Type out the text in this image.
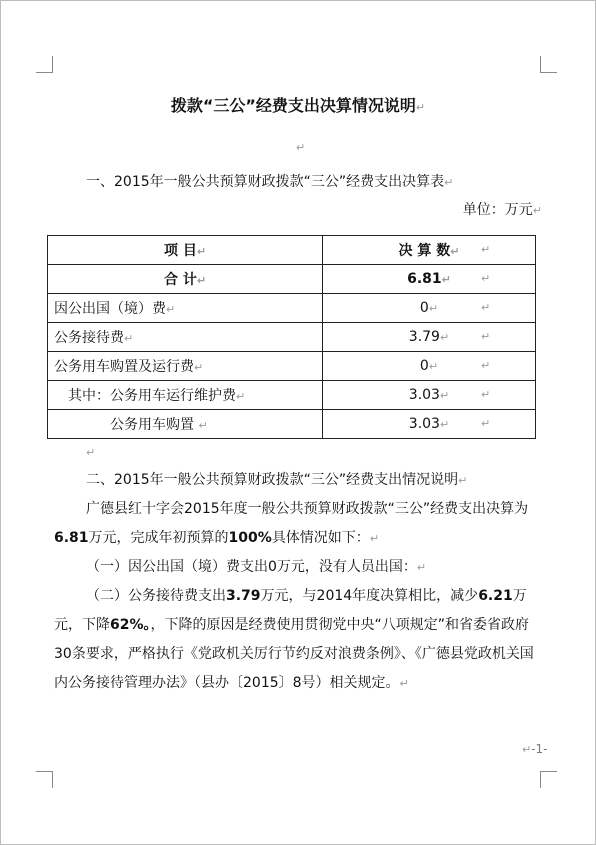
拨款“三公”经费支出决算情况说明↵
↵
一、2015年一般公共预算财政拨款“三公”经费支出决算表↵
单位：万元↵
项 目↵	决 算 数↵
合 计↵	6.81↵
因公出国（境）费↵	0↵
公务接待费↵	3.79↵
公务用车购置及运行费↵	0↵
其中：公务用车运行维护费↵	3.03↵
公务用车购置 ↵	3.03↵
↵
↵
↵
↵
↵
↵
↵
↵

二、2015年一般公共预算财政拨款“三公”经费支出情况说明↵

广德县红十字会2015年度一般公共预算财政拨款“三公”经费支出决算为6.81万元，完成年初预算的100%具体情况如下：↵

（一）因公出国（境）费支出0万元，没有人员出国：↵

（二）公务接待费支出3.79万元，与2014年度决算相比，减少6.21万元，下降62%。，下降的原因是经费使用贯彻党中央“八项规定”和省委省政府30条要求，严格执行《党政机关厉行节约反对浪费条例》、《广德县党政机关国内公务接待管理办法》（县办〔2015〕8号）相关规定。↵

↵-1-
